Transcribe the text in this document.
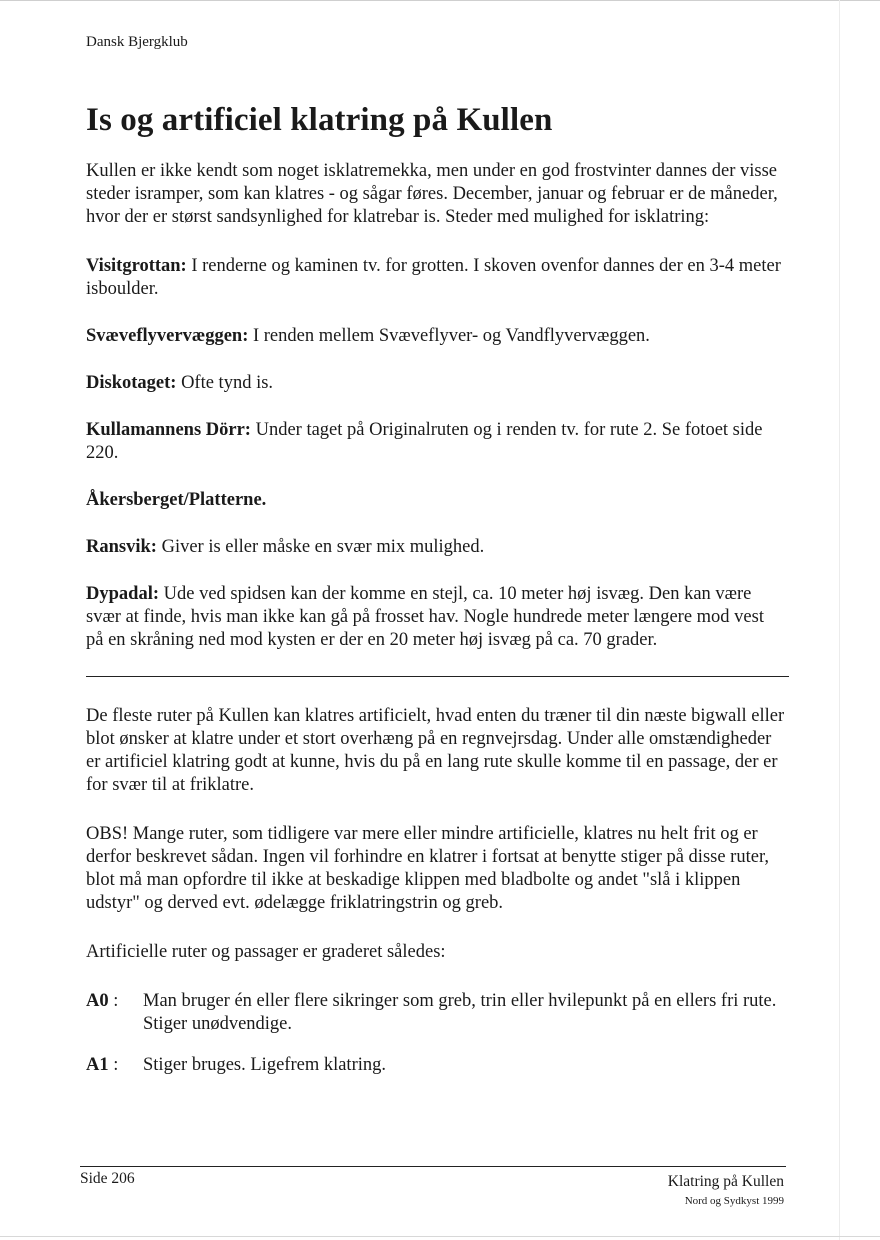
Dansk Bjergklub
Is og artificiel klatring på Kullen

Kullen er ikke kendt som noget isklatremekka, men under en god frostvinter dannes der visse steder isramper, som kan klatres - og sågar føres. December, januar og februar er de måneder, hvor der er størst sandsynlighed for klatrebar is. Steder med mulighed for isklatring:

Visitgrottan: I renderne og kaminen tv. for grotten. I skoven ovenfor dannes der en 3-4 meter isboulder.

Svæveflyvervæggen: I renden mellem Svæveflyver- og Vandflyvervæggen.

Diskotaget: Ofte tynd is.

Kullamannens Dörr: Under taget på Originalruten og i renden tv. for rute 2. Se fotoet side 220.

Åkersberget/Platterne.

Ransvik: Giver is eller måske en svær mix mulighed.

Dypadal: Ude ved spidsen kan der komme en stejl, ca. 10 meter høj isvæg. Den kan være svær at finde, hvis man ikke kan gå på frosset hav. Nogle hundrede meter længere mod vest på en skråning ned mod kysten er der en 20 meter høj isvæg på ca. 70 grader.

De fleste ruter på Kullen kan klatres artificielt, hvad enten du træner til din næste bigwall eller blot ønsker at klatre under et stort overhæng på en regnvejrsdag. Under alle omstændigheder er artificiel klatring godt at kunne, hvis du på en lang rute skulle komme til en passage, der er for svær til at friklatre.

OBS! Mange ruter, som tidligere var mere eller mindre artificielle, klatres nu helt frit og er derfor beskrevet sådan. Ingen vil forhindre en klatrer i fortsat at benytte stiger på disse ruter, blot må man opfordre til ikke at beskadige klippen med bladbolte og andet "slå i klippen udstyr" og derved evt. ødelægge friklatringstrin og greb.

Artificielle ruter og passager er graderet således:

A0 :	Man bruger én eller flere sikringer som greb, trin eller hvilepunkt på en ellers fri rute. Stiger unødvendige.
A1 :	Stiger bruges. Ligefrem klatring.
Side 206	Klatring på Kullen
Nord og Sydkyst 1999
